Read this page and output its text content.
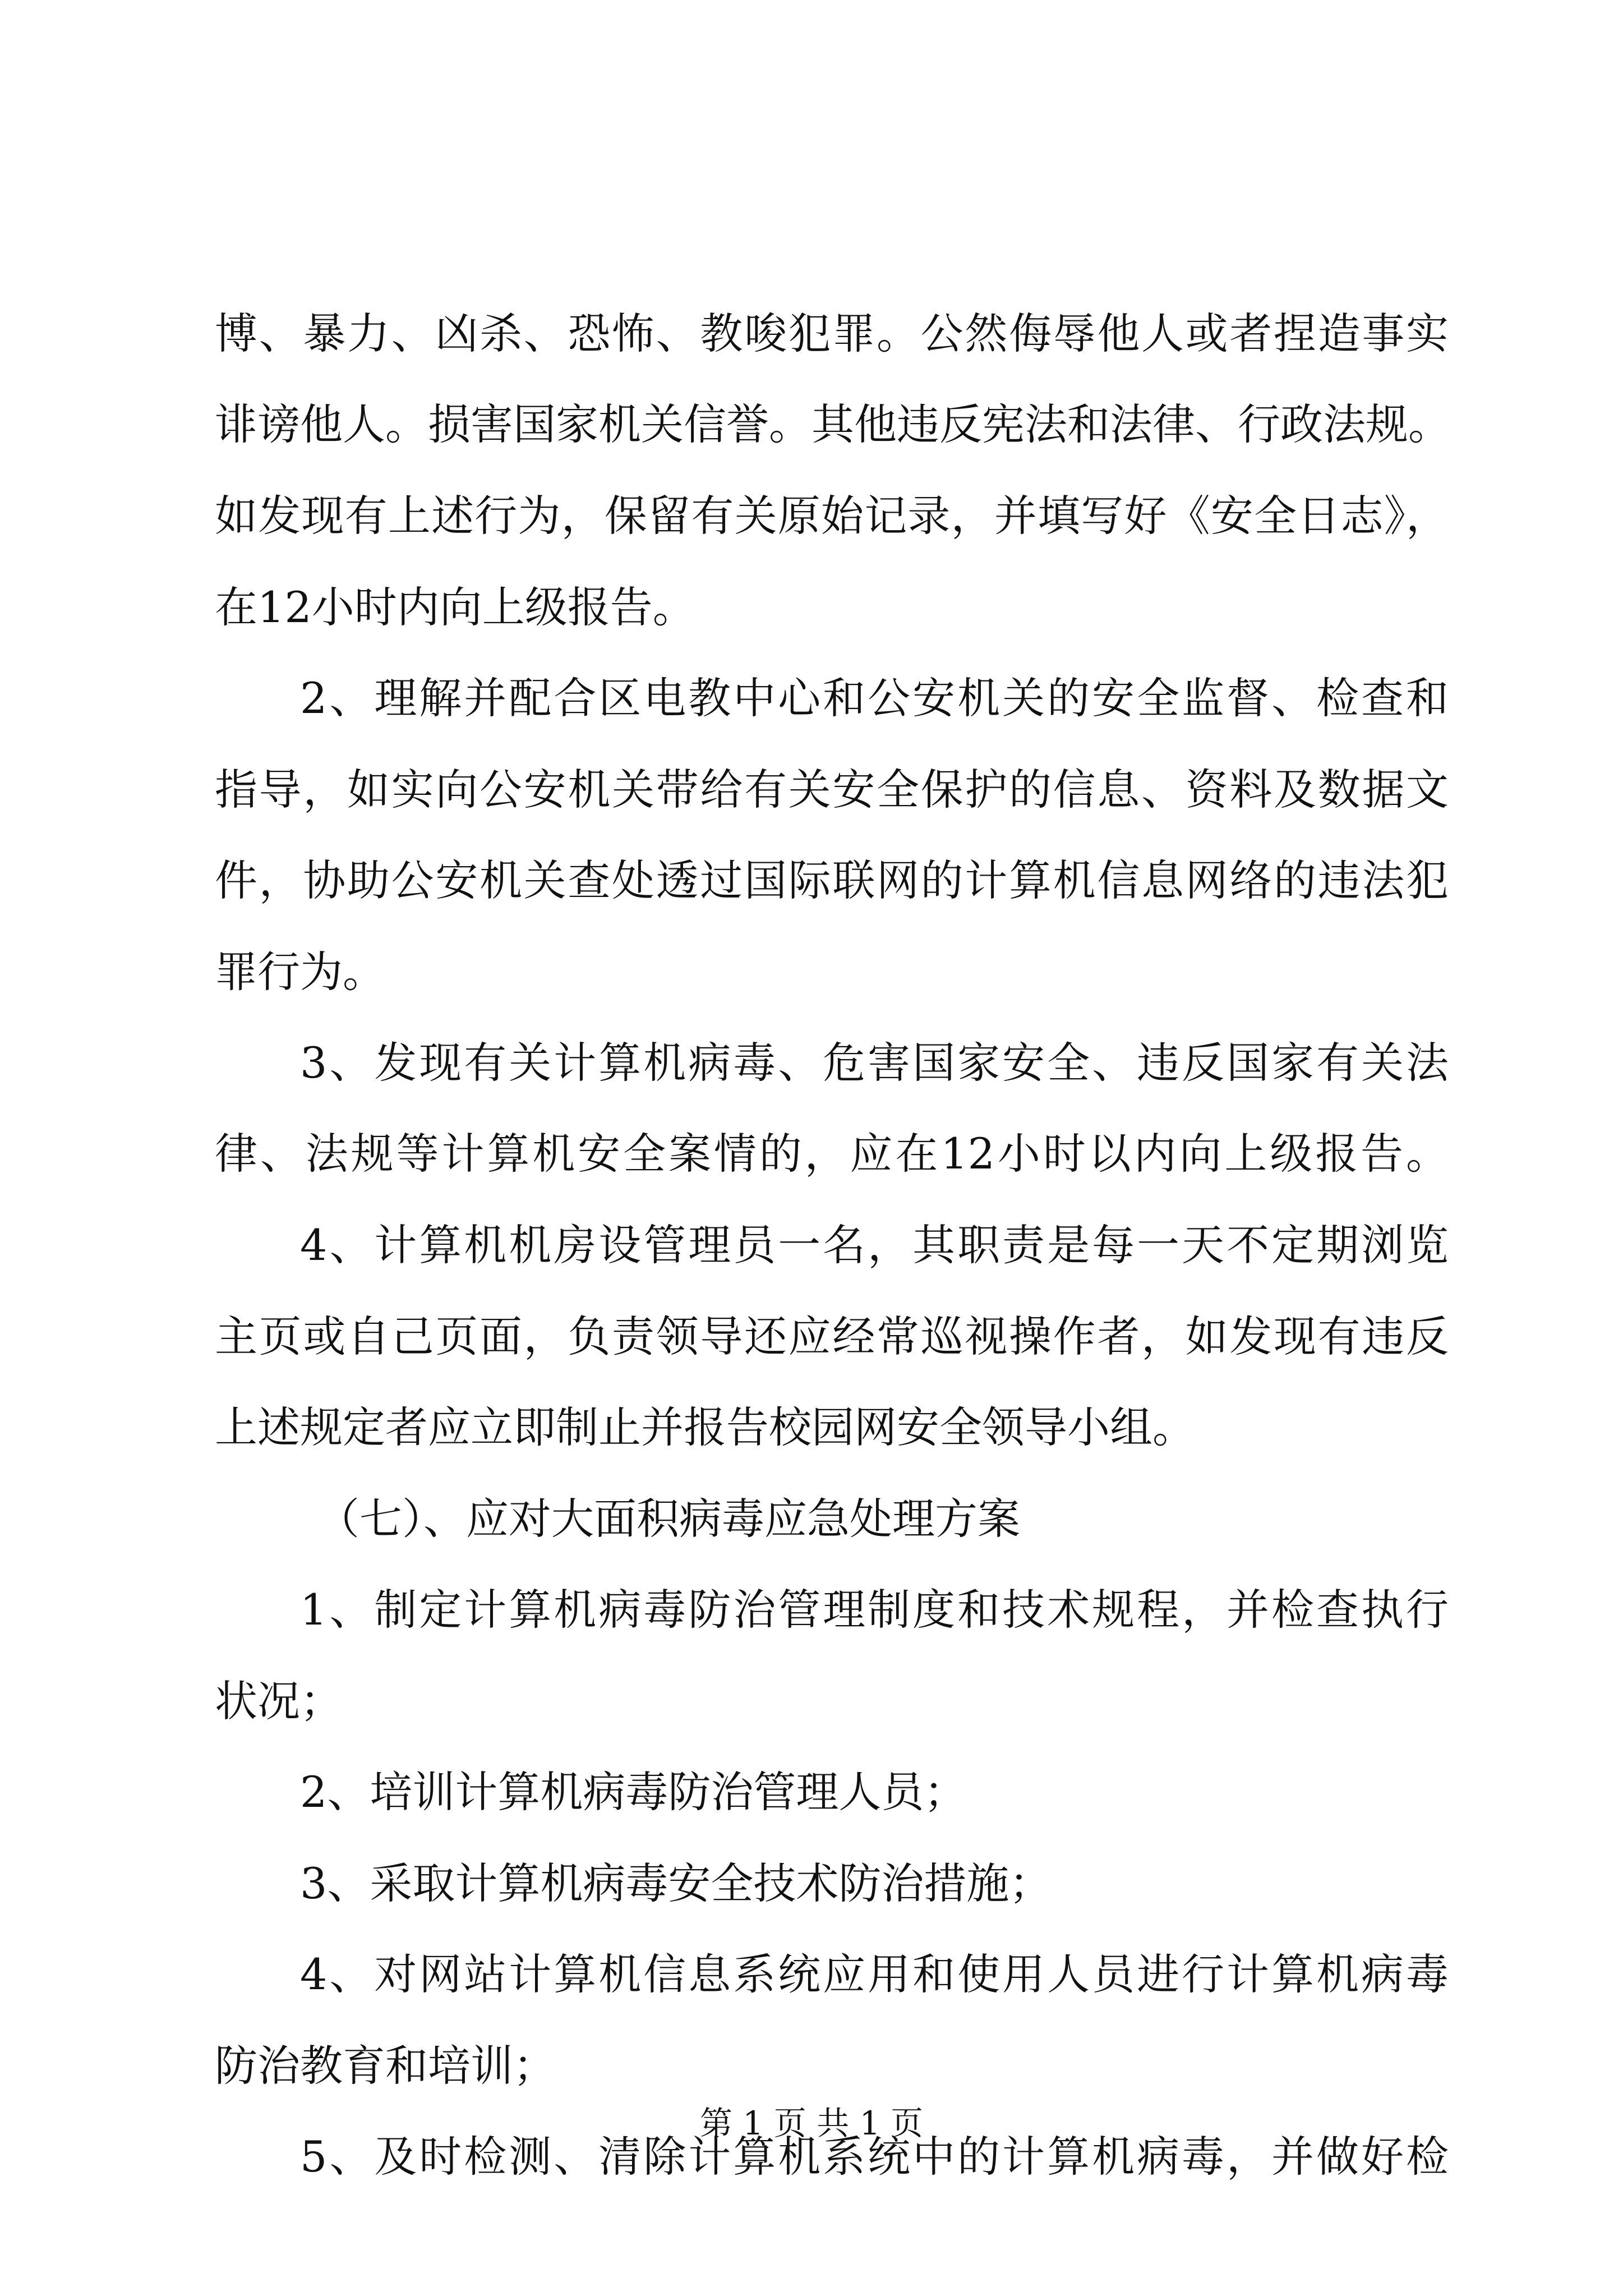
博、暴力、凶杀、恐怖、教唆犯罪。公然侮辱他人或者捏造事实
诽谤他人。损害国家机关信誉。其他违反宪法和法律、行政法规。
如发现有上述行为，保留有关原始记录，并填写好《安全日志》，
在12小时内向上级报告。
2、理解并配合区电教中心和公安机关的安全监督、检查和
指导，如实向公安机关带给有关安全保护的信息、资料及数据文
件，协助公安机关查处透过国际联网的计算机信息网络的违法犯
罪行为。
3、发现有关计算机病毒、危害国家安全、违反国家有关法
律、法规等计算机安全案情的，应在12小时以内向上级报告。
4、计算机机房设管理员一名，其职责是每一天不定期浏览
主页或自己页面，负责领导还应经常巡视操作者，如发现有违反
上述规定者应立即制止并报告校园网安全领导小组。
（七）、应对大面积病毒应急处理方案
1、制定计算机病毒防治管理制度和技术规程，并检查执行
状况；
2、培训计算机病毒防治管理人员；
3、采取计算机病毒安全技术防治措施；
4、对网站计算机信息系统应用和使用人员进行计算机病毒
防治教育和培训；
5、及时检测、清除计算机系统中的计算机病毒，并做好检
第 1 页 共 1 页
